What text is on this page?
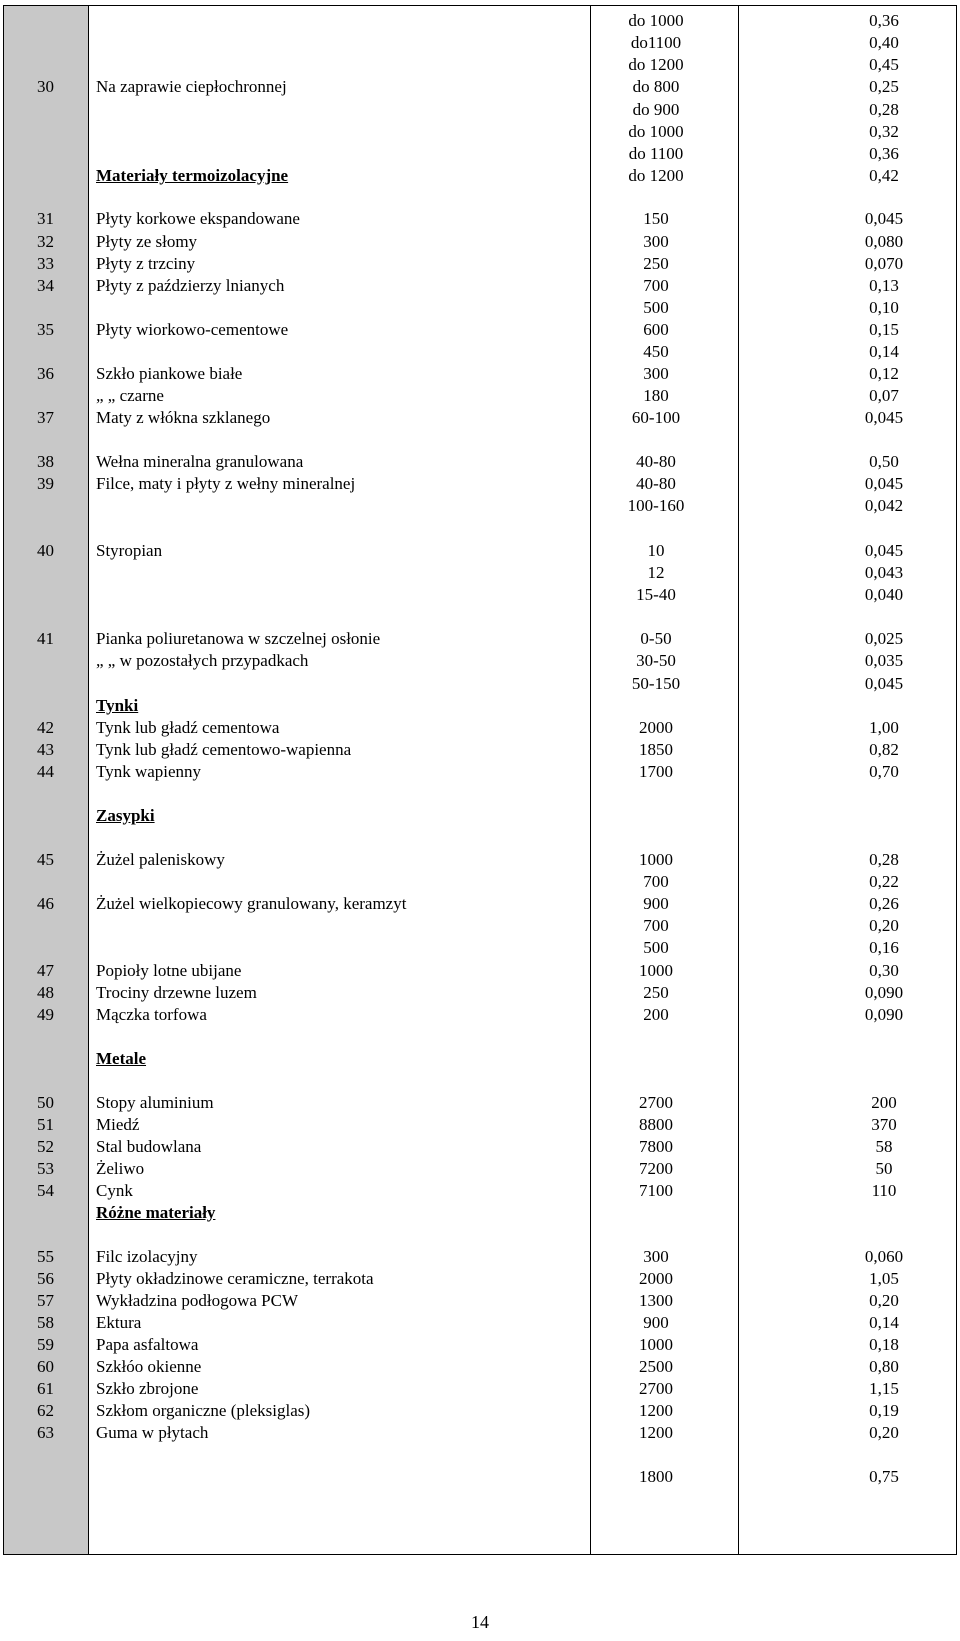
do 1000	0,36
do1100	0,40
do 1200	0,45
30 Na zaprawie ciepłochronnej	do 800	0,25
do 900	0,28
do 1000	0,32
do 1100	0,36
Materiały termoizolacyjne	do 1200	0,42
31 Płyty korkowe ekspandowane	150	0,045
32 Płyty ze słomy	300	0,080
33 Płyty z trzciny	250	0,070
34 Płyty z paździerzy lnianych	700	0,13
500	0,10
35 Płyty wiorkowo-cementowe	600	0,15
450	0,14
36 Szkło piankowe białe	300	0,12
„ „ czarne	180	0,07
37 Maty z włókna szklanego	60-100	0,045
38 Wełna mineralna granulowana	40-80	0,50
39 Filce, maty i płyty z wełny mineralnej	40-80	0,045
100-160	0,042
40 Styropian	10	0,045
12	0,043
15-40	0,040
41 Pianka poliuretanowa w szczelnej osłonie	0-50	0,025
„ „ w pozostałych przypadkach	30-50	0,035
50-150	0,045
Tynki
42 Tynk lub gładź cementowa	2000	1,00
43 Tynk lub gładź cementowo-wapienna	1850	0,82
44 Tynk wapienny	1700	0,70
Zasypki
45 Żużel paleniskowy	1000	0,28
700	0,22
46 Żużel wielkopiecowy granulowany, keramzyt	900	0,26
700	0,20
500	0,16
47 Popioły lotne ubijane	1000	0,30
48 Trociny drzewne luzem	250	0,090
49 Mączka torfowa	200	0,090
Metale
50 Stopy aluminium	2700	200
51 Miedź	8800	370
52 Stal budowlana	7800	58
53 Żeliwo	7200	50
54 Cynk	7100	110
Różne materiały
55 Filc izolacyjny	300	0,060
56 Płyty okładzinowe ceramiczne, terrakota	2000	1,05
57 Wykładzina podłogowa PCW	1300	0,20
58 Ektura	900	0,14
59 Papa asfaltowa	1000	0,18
60 Szkłóo okienne	2500	0,80
61 Szkło zbrojone	2700	1,15
62 Szkłom organiczne (pleksiglas)	1200	0,19
63 Guma w płytach	1200	0,20
1800	0,75
14
